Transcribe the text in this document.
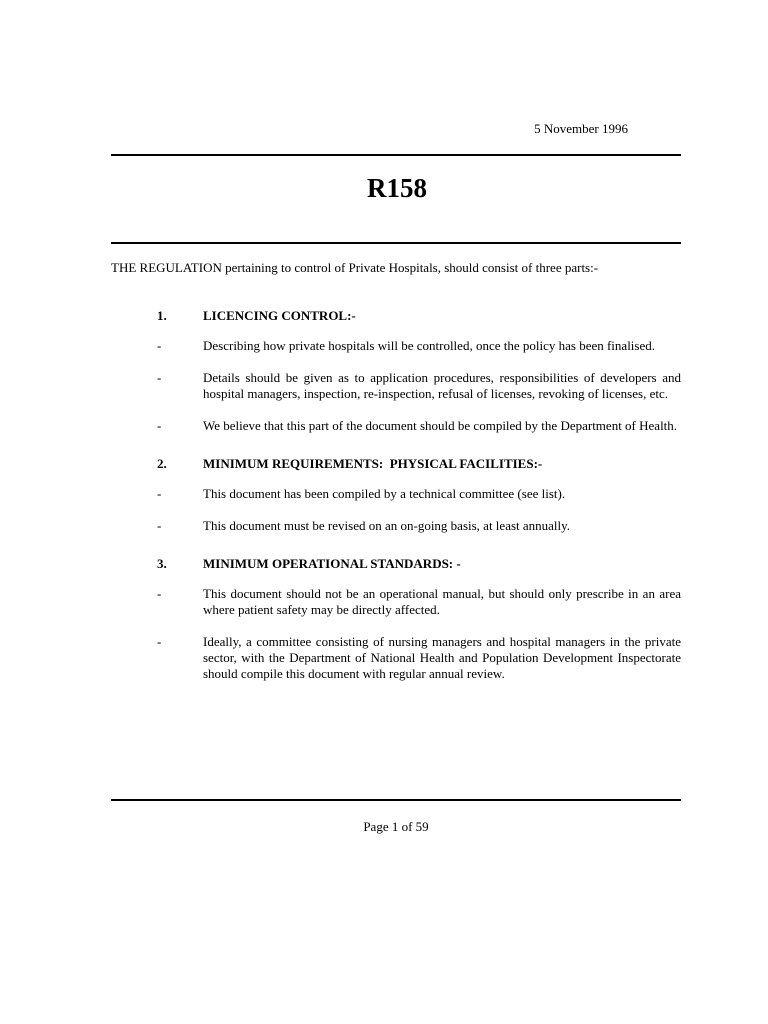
5 November 1996
R158
THE REGULATION pertaining to control of Private Hospitals, should consist of three parts:-
1.	LICENCING CONTROL:-
-	Describing how private hospitals will be controlled, once the policy has been finalised.
-	Details should be given as to application procedures, responsibilities of developers and hospital managers, inspection, re-inspection, refusal of licenses, revoking of licenses, etc.
-	We believe that this part of the document should be compiled by the Department of Health.
2.	MINIMUM REQUIREMENTS:  PHYSICAL FACILITIES:-
-	This document has been compiled by a technical committee (see list).
-	This document must be revised on an on-going basis, at least annually.
3.	MINIMUM OPERATIONAL STANDARDS: -
-	This document should not be an operational manual, but should only prescribe in an area where patient safety may be directly affected.
-	Ideally, a committee consisting of nursing managers and hospital managers in the private sector, with the Department of National Health and Population Development Inspectorate should compile this document with regular annual review.
Page 1 of 59
